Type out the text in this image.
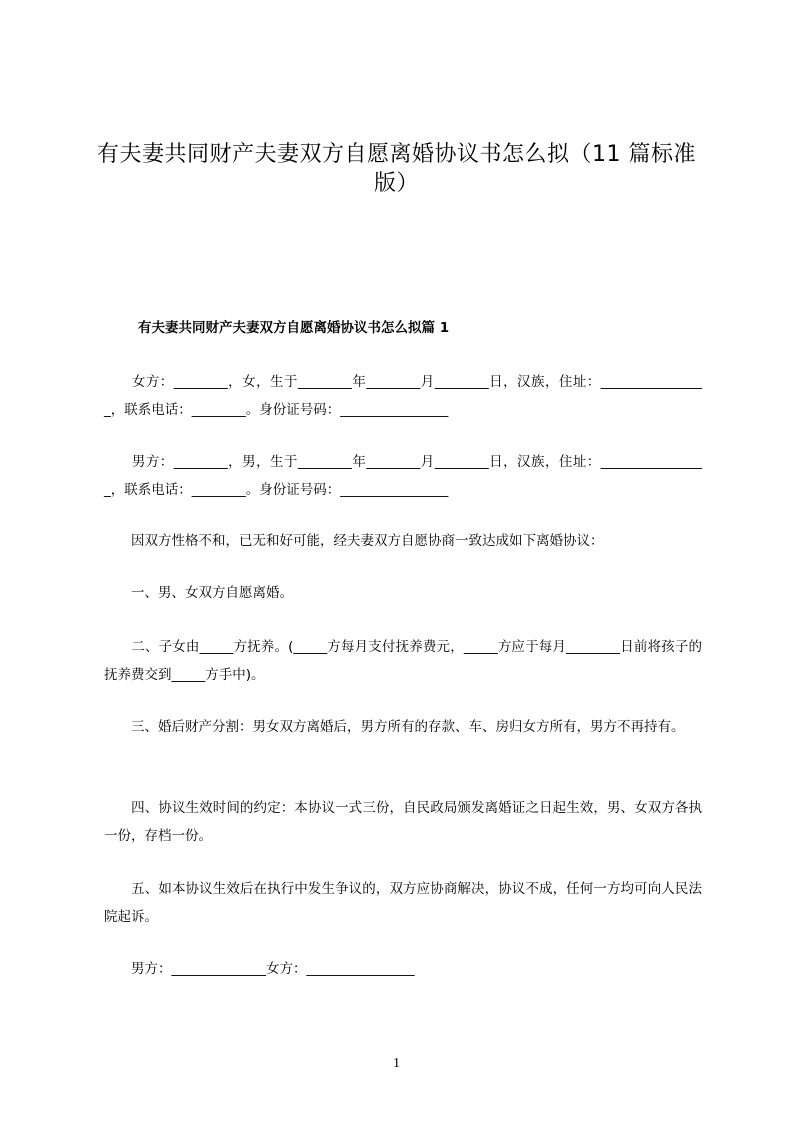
有夫妻共同财产夫妻双方自愿离婚协议书怎么拟（11 篇标准版）
有夫妻共同财产夫妻双方自愿离婚协议书怎么拟篇 1

　　女方：________，女，生于________年________月________日，汉族，住址：________________，联系电话：________。身份证号码：________________

　　男方：________，男，生于________年________月________日，汉族，住址：________________，联系电话：________。身份证号码：________________

　　因双方性格不和，已无和好可能，经夫妻双方自愿协商一致达成如下离婚协议：

　　一、男、女双方自愿离婚。

　　二、子女由_____方抚养。(_____方每月支付抚养费元，_____方应于每月________日前将孩子的抚养费交到_____方手中)。

　　三、婚后财产分割：男女双方离婚后，男方所有的存款、车、房归女方所有，男方不再持有。

　　四、协议生效时间的约定：本协议一式三份，自民政局颁发离婚证之日起生效，男、女双方各执一份，存档一份。

　　五、如本协议生效后在执行中发生争议的，双方应协商解决，协议不成，任何一方均可向人民法院起诉。

　　男方：______________女方：________________

1
